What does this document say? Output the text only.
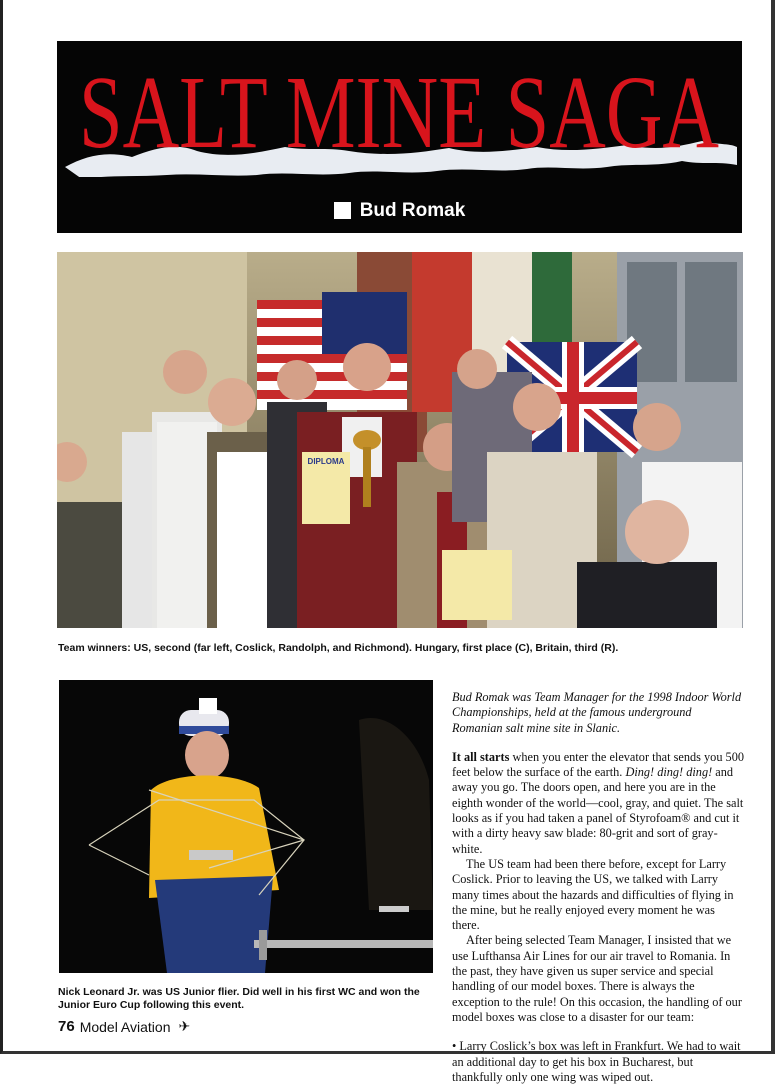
SALT MINE SAGA
Bud Romak
DIPLOMA
Team winners: US, second (far left, Coslick, Randolph, and Richmond). Hungary, first place (C), Britain, third (R).
Nick Leonard Jr. was US Junior flier. Did well in his first WC and won the Junior Euro Cup following this event.

Bud Romak was Team Manager for the 1998 Indoor World Championships, held at the famous underground Romanian salt mine site in Slanic.

It all starts when you enter the elevator that sends you 500 feet below the surface of the earth. Ding! ding! ding! and away you go. The doors open, and here you are in the eighth wonder of the world—cool, gray, and quiet. The salt looks as if you had taken a panel of Styrofoam® and cut it with a dirty heavy saw blade: 80-grit and sort of gray-white.

The US team had been there before, except for Larry Coslick. Prior to leaving the US, we talked with Larry many times about the hazards and difficulties of flying in the mine, but he really enjoyed every moment he was there.

After being selected Team Manager, I insisted that we use Lufthansa Air Lines for our air travel to Romania. In the past, they have given us super service and special handling of our model boxes. There is always the exception to the rule! On this occasion, the handling of our model boxes was close to a disaster for our team:

• Larry Coslick’s box was left in Frankfurt. We had to wait an additional day to get his box in Bucharest, but thankfully only one wing was wiped out.

76 Model Aviation ✈
